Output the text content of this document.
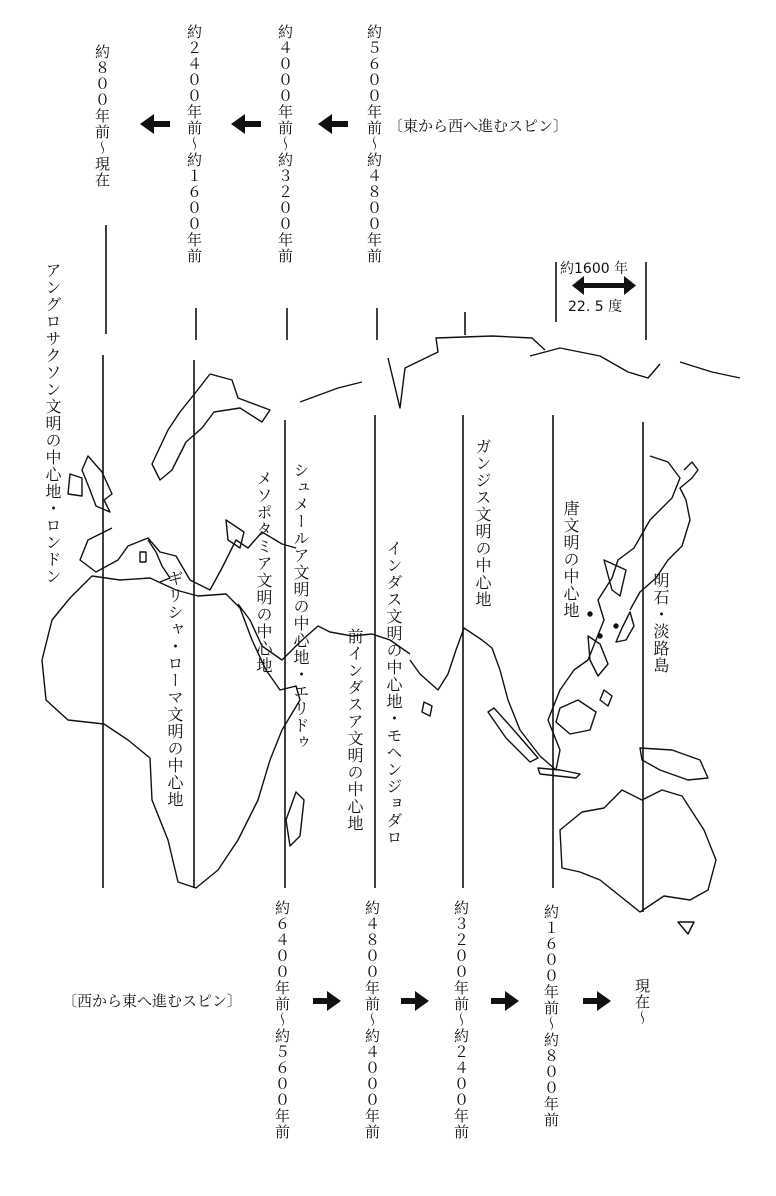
〔東から西へ進むスピン〕
約８００年前〜現在	約２４００年前〜約１６００年前	約４０００年前〜約３２００年前	約５６００年前〜約４８００年前
約1600 年
22. 5 度
アングロサクソン文明の中心地・ロンドン
ギリシャ・ローマ文明の中心地	メソポタミア文明の中心地 シュメールア文明の中心地・エリドゥ 前インダスア文明の中心地 インダス文明の中心地・モヘンジョダロ
ガンジス文明の中心地	唐文明の中心地
明石・淡路島
〔西から東へ進むスピン〕 約６４００年前〜約５６００年前	約４８００年前〜約４０００年前	約３２００年前〜約２４００年前	約１６００年前〜約８００年前	現在〜
